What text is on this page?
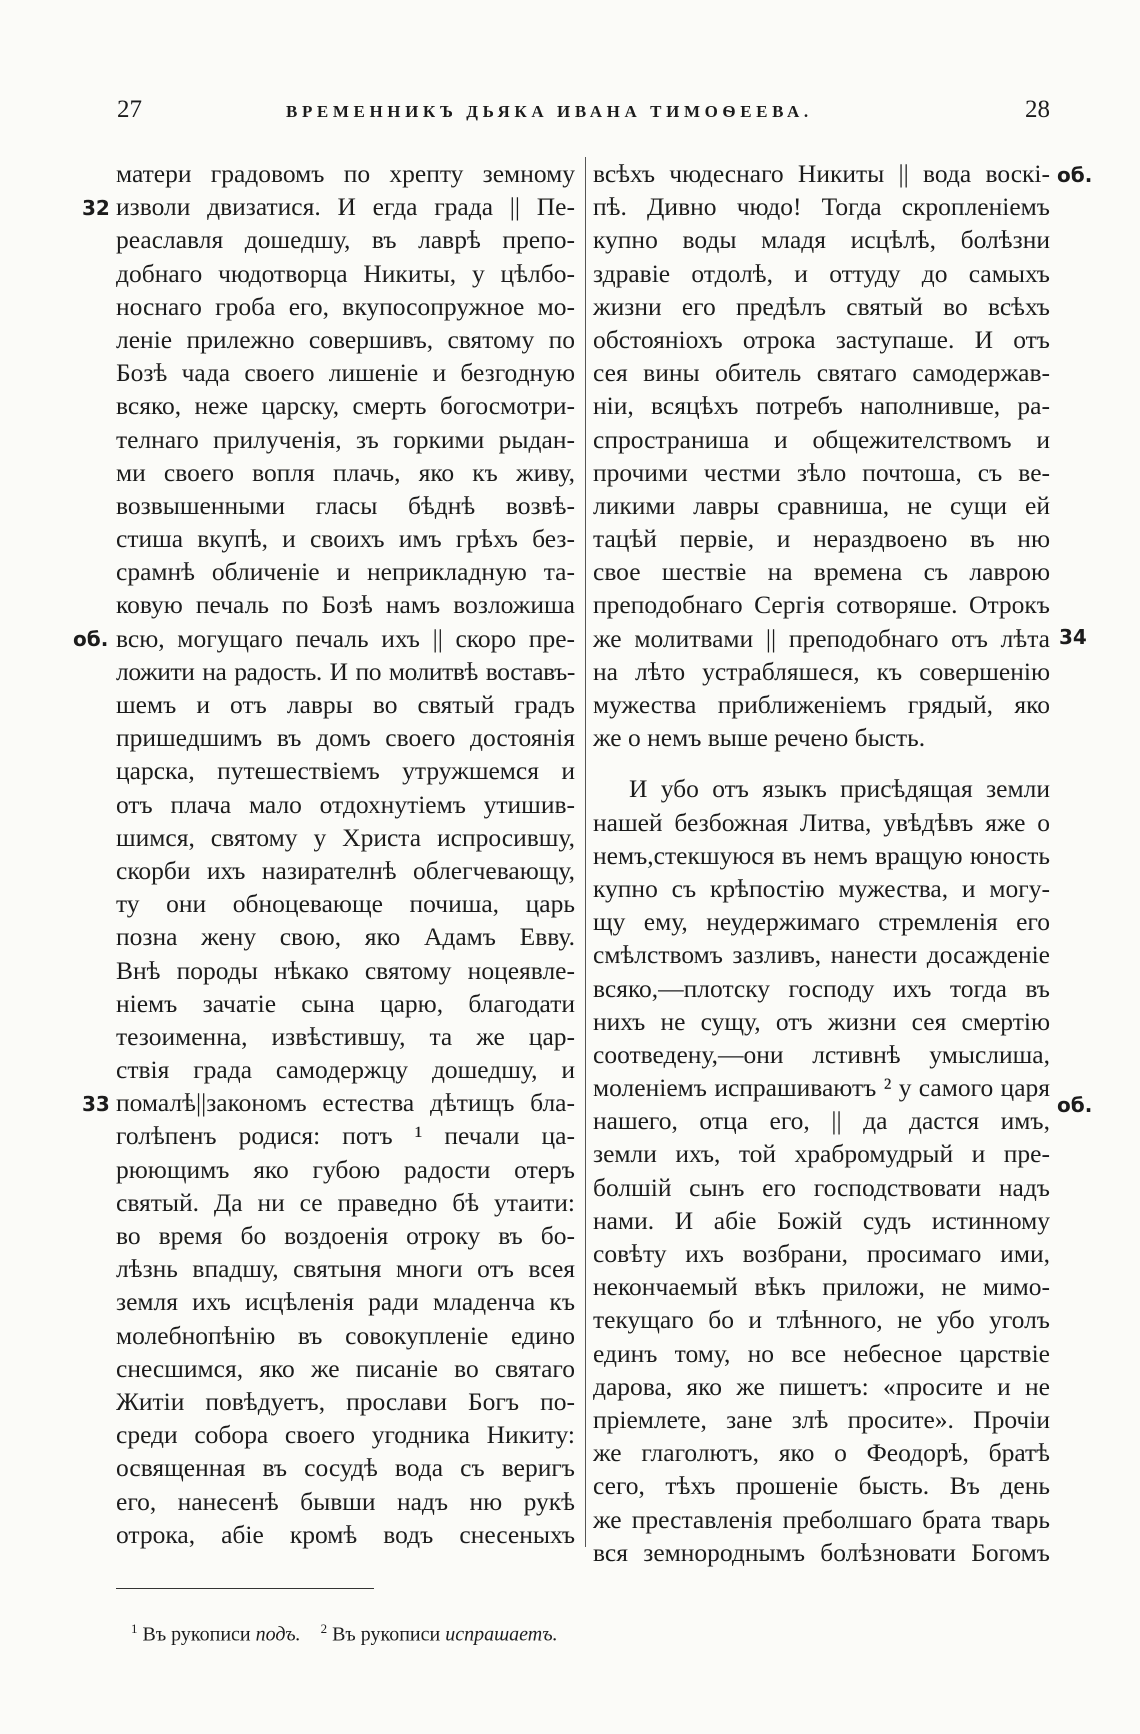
27	ВРЕМЕННИКЪ ДЬЯКА ИВАНА ТИМОѲЕЕВА.	28
32
об.
33
об.
34
об.
матери градовомъ по хрепту земному
изволи двизатися. И егда града || Пе-
реаславля дошедшу, въ лаврѣ препо-
добнаго чюдотворца Никиты, у цѣлбо-
носнаго гроба его, вкупосопружное мо-
леніе прилежно совершивъ, святому по
Бозѣ чада своего лишеніе и безгодную
всяко, неже царску, смерть богосмотри-
телнаго прилученія, зъ горкими рыдан-
ми своего вопля плачь, яко къ живу,
возвышенными гласы бѣднѣ возвѣ-
стиша вкупѣ, и своихъ имъ грѣхъ без-
срамнѣ обличеніе и неприкладную та-
ковую печаль по Бозѣ намъ возложиша
всю, могущаго печаль ихъ || скоро пре-
ложити на радость. И по молитвѣ воставъ-
шемъ и отъ лавры во святый градъ
пришедшимъ въ домъ своего достоянія
царска, путешествіемъ утружшемся и
отъ плача мало отдохнутіемъ утишив-
шимся, святому у Христа испросившу,
скорби ихъ назирателнѣ облегчевающу,
ту они обноцевающе почиша, царь
позна жену свою, яко Адамъ Евву.
Внѣ породы нѣкако святому ноцеявле-
ніемъ зачатіе сына царю, благодати
тезоименна, извѣстившу, та же цар-
ствія града самодержцу дошедшу, и
помалѣ||закономъ естества дѣтищъ бла-
голѣпенъ родися: потъ ¹ печали ца-
рюющимъ яко губою радости отеръ
святый. Да ни се праведно бѣ утаити:
во время бо воздоенія отроку въ бо-
лѣзнь впадшу, святыня многи отъ всея
земля ихъ исцѣленія ради младенча къ
молебнопѣнію въ совокупленіе едино
снесшимся, яко же писаніе во святаго
Житіи повѣдуетъ, прослави Богъ по-
среди собора своего угодника Никиту:
освященная въ сосудѣ вода съ веригъ
его, нанесенѣ бывши надъ ню рукѣ
отрока, абіе кромѣ водъ снесеныхъ
всѣхъ чюдеснаго Никиты || вода воскі-
пѣ. Дивно чюдо! Тогда скропленіемъ
купно воды младя исцѣлѣ, болѣзни
здравіе отдолѣ, и оттуду до самыхъ
жизни его предѣлъ святый во всѣхъ
обстояніохъ отрока заступаше. И отъ
сея вины обитель святаго самодержав-
ніи, всяцѣхъ потребъ наполнивше, ра-
спространиша и общежителствомъ и
прочими честми зѣло почтоша, съ ве-
ликими лавры сравниша, не сущи ей
тацѣй первіе, и нераздвоено въ ню
свое шествіе на времена съ лаврою
преподобнаго Сергія сотворяше. Отрокъ
же молитвами || преподобнаго отъ лѣта
на лѣто устрабляшеся, къ совершенію
мужества приближеніемъ грядый, яко
же о немъ выше речено бысть.
И убо отъ языкъ присѣдящая земли
нашей безбожная Литва, увѣдѣвъ яже о
немъ,стекшуюся въ немъ вращую юность
купно съ крѣпостію мужества, и могу-
щу ему, неудержимаго стремленія его
смѣлствомъ зазливъ, нанести досажденіе
всяко,—плотску господу ихъ тогда въ
нихъ не сущу, отъ жизни сея смертію
соотведену,—они лстивнѣ умыслиша,
моленіемъ испрашиваютъ ² у самого царя
нашего, отца его, || да дастся имъ,
земли ихъ, той храбромудрый и пре-
болшій сынъ его господствовати надъ
нами. И абіе Божій судъ истинному
совѣту ихъ возбрани, просимаго ими,
некончаемый вѣкъ приложи, не мимо-
текущаго бо и тлѣнного, не убо уголъ
единъ тому, но все небесное царствіе
дарова, яко же пишетъ: «просите и не
пріемлете, зане злѣ просите». Прочіи
же глаголютъ, яко о Феодорѣ, братѣ
сего, тѣхъ прошеніе бысть. Въ день
же преставленія преболшаго брата тварь
вся земнороднымъ болѣзновати Богомъ
$^1$ Въ рукописи подъ. $^2$ Въ рукописи испрашаетъ.
